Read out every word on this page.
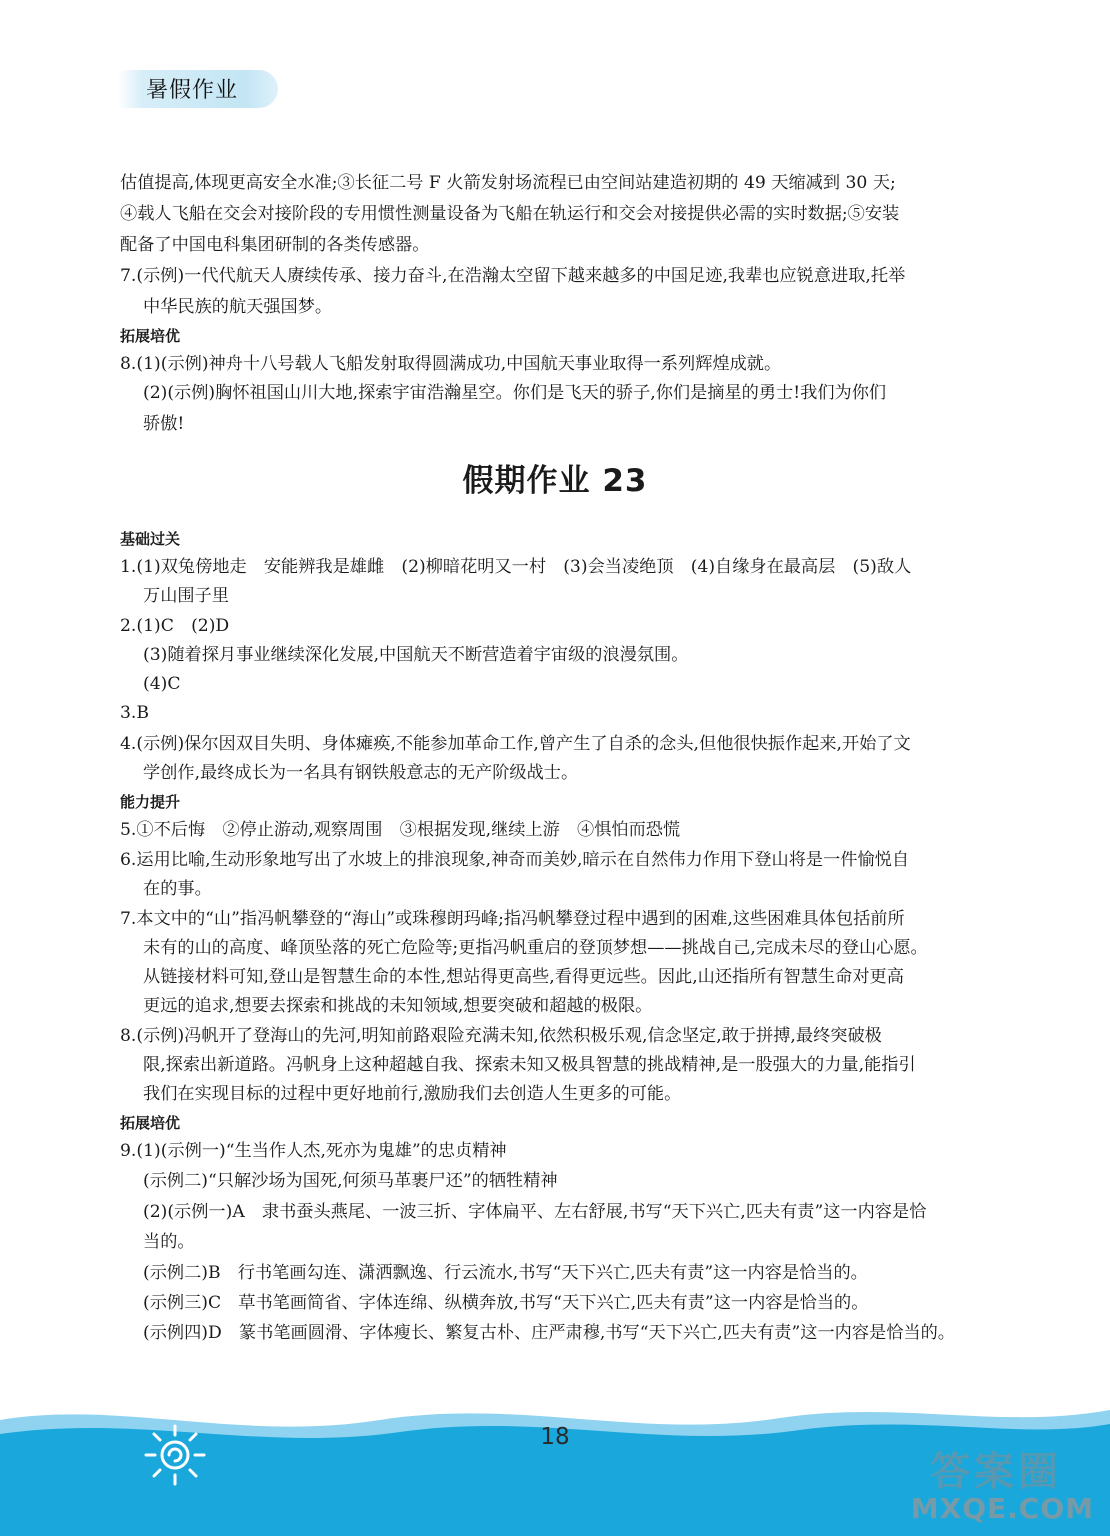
暑假作业
估值提高,体现更高安全水准;③长征二号 F 火箭发射场流程已由空间站建造初期的 49 天缩减到 30 天;
④载人飞船在交会对接阶段的专用惯性测量设备为飞船在轨运行和交会对接提供必需的实时数据;⑤安装
配备了中国电科集团研制的各类传感器。
7.(示例)一代代航天人赓续传承、接力奋斗,在浩瀚太空留下越来越多的中国足迹,我辈也应锐意进取,托举
中华民族的航天强国梦。
拓展培优
8.(1)(示例)神舟十八号载人飞船发射取得圆满成功,中国航天事业取得一系列辉煌成就。
(2)(示例)胸怀祖国山川大地,探索宇宙浩瀚星空。你们是飞天的骄子,你们是摘星的勇士!我们为你们
骄傲!
假期作业 23
基础过关
1.(1)双兔傍地走　安能辨我是雄雌　(2)柳暗花明又一村　(3)会当凌绝顶　(4)自缘身在最高层　(5)敌人
万山围子里
2.(1)C　(2)D
(3)随着探月事业继续深化发展,中国航天不断营造着宇宙级的浪漫氛围。
(4)C
3.B
4.(示例)保尔因双目失明、身体瘫痪,不能参加革命工作,曾产生了自杀的念头,但他很快振作起来,开始了文
学创作,最终成长为一名具有钢铁般意志的无产阶级战士。
能力提升
5.①不后悔　②停止游动,观察周围　③根据发现,继续上游　④惧怕而恐慌
6.运用比喻,生动形象地写出了水坡上的排浪现象,神奇而美妙,暗示在自然伟力作用下登山将是一件愉悦自
在的事。
7.本文中的“山”指冯帆攀登的“海山”或珠穆朗玛峰;指冯帆攀登过程中遇到的困难,这些困难具体包括前所
未有的山的高度、峰顶坠落的死亡危险等;更指冯帆重启的登顶梦想——挑战自己,完成未尽的登山心愿。
从链接材料可知,登山是智慧生命的本性,想站得更高些,看得更远些。因此,山还指所有智慧生命对更高
更远的追求,想要去探索和挑战的未知领域,想要突破和超越的极限。
8.(示例)冯帆开了登海山的先河,明知前路艰险充满未知,依然积极乐观,信念坚定,敢于拼搏,最终突破极
限,探索出新道路。冯帆身上这种超越自我、探索未知又极具智慧的挑战精神,是一股强大的力量,能指引
我们在实现目标的过程中更好地前行,激励我们去创造人生更多的可能。
拓展培优
9.(1)(示例一)“生当作人杰,死亦为鬼雄”的忠贞精神
(示例二)“只解沙场为国死,何须马革裹尸还”的牺牲精神
(2)(示例一)A　隶书蚕头燕尾、一波三折、字体扁平、左右舒展,书写“天下兴亡,匹夫有责”这一内容是恰
当的。
(示例二)B　行书笔画勾连、潇洒飘逸、行云流水,书写“天下兴亡,匹夫有责”这一内容是恰当的。
(示例三)C　草书笔画简省、字体连绵、纵横奔放,书写“天下兴亡,匹夫有责”这一内容是恰当的。
(示例四)D　篆书笔画圆滑、字体瘦长、繁复古朴、庄严肃穆,书写“天下兴亡,匹夫有责”这一内容是恰当的。
18
答案圈
MXQE.COM
